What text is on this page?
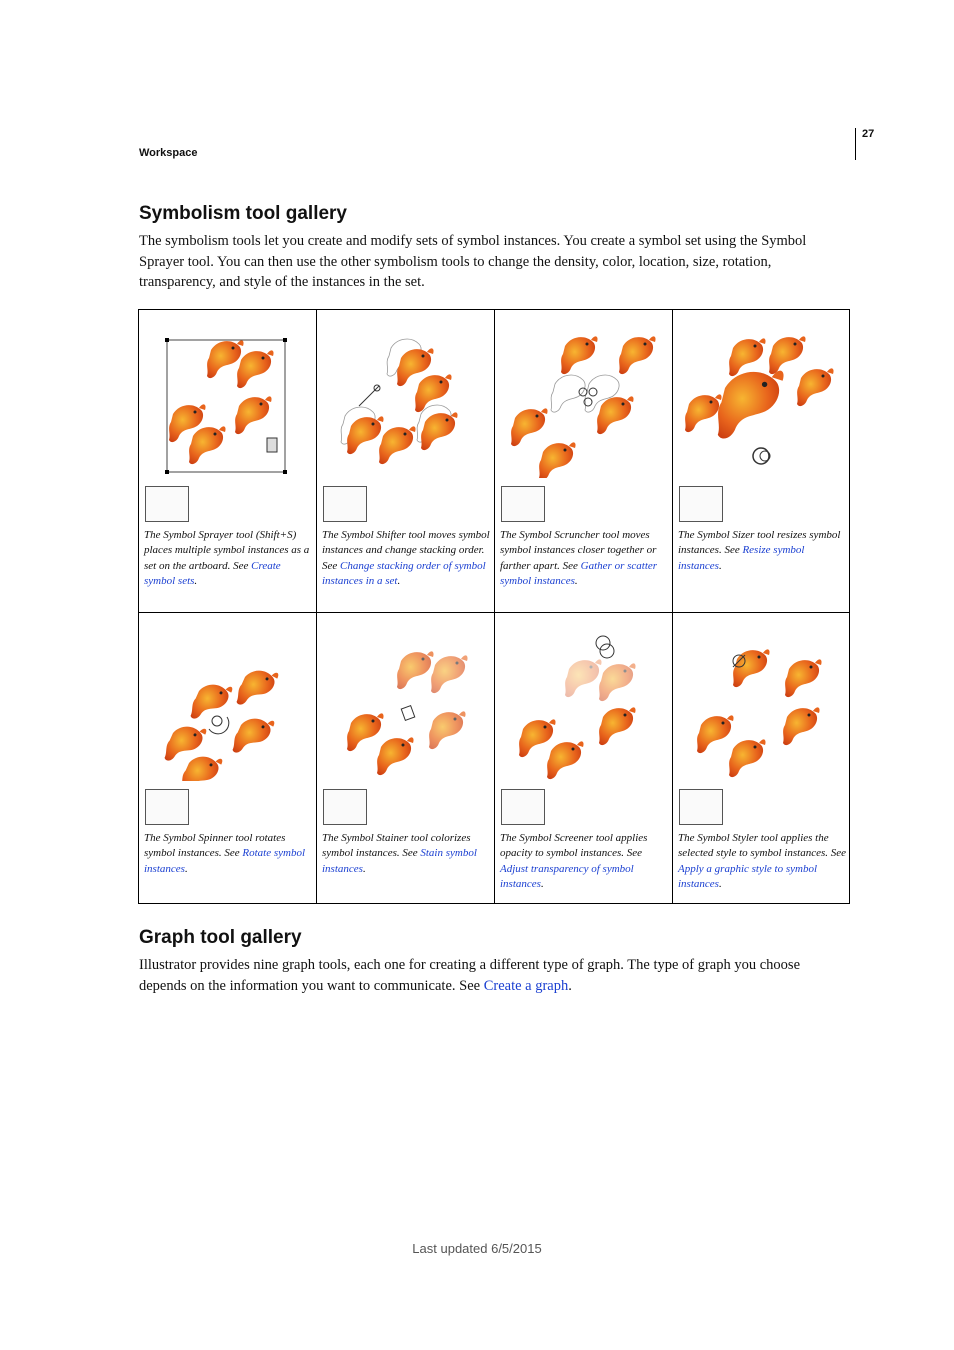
27
Workspace
Symbolism tool gallery

The symbolism tools let you create and modify sets of symbol instances. You create a symbol set using the Symbol Sprayer tool. You can then use the other symbolism tools to change the density, color, location, size, rotation, transparency, and style of the instances in the set.

The Symbol Sprayer tool (Shift+S) places multiple symbol instances as a set on the artboard. See Create symbol sets.
The Symbol Shifter tool moves symbol instances and change stacking order. See Change stacking order of symbol instances in a set.
The Symbol Scruncher tool moves symbol instances closer together or farther apart. See Gather or scatter symbol instances.
The Symbol Sizer tool resizes symbol instances. See Resize symbol instances.
The Symbol Spinner tool rotates symbol instances. See Rotate symbol instances.
The Symbol Stainer tool colorizes symbol instances. See Stain symbol instances.
The Symbol Screener tool applies opacity to symbol instances. See Adjust transparency of symbol instances.
The Symbol Styler tool applies the selected style to symbol instances. See Apply a graphic style to symbol instances.
Graph tool gallery

Illustrator provides nine graph tools, each one for creating a different type of graph. The type of graph you choose depends on the information you want to communicate. See Create a graph.

Last updated 6/5/2015
